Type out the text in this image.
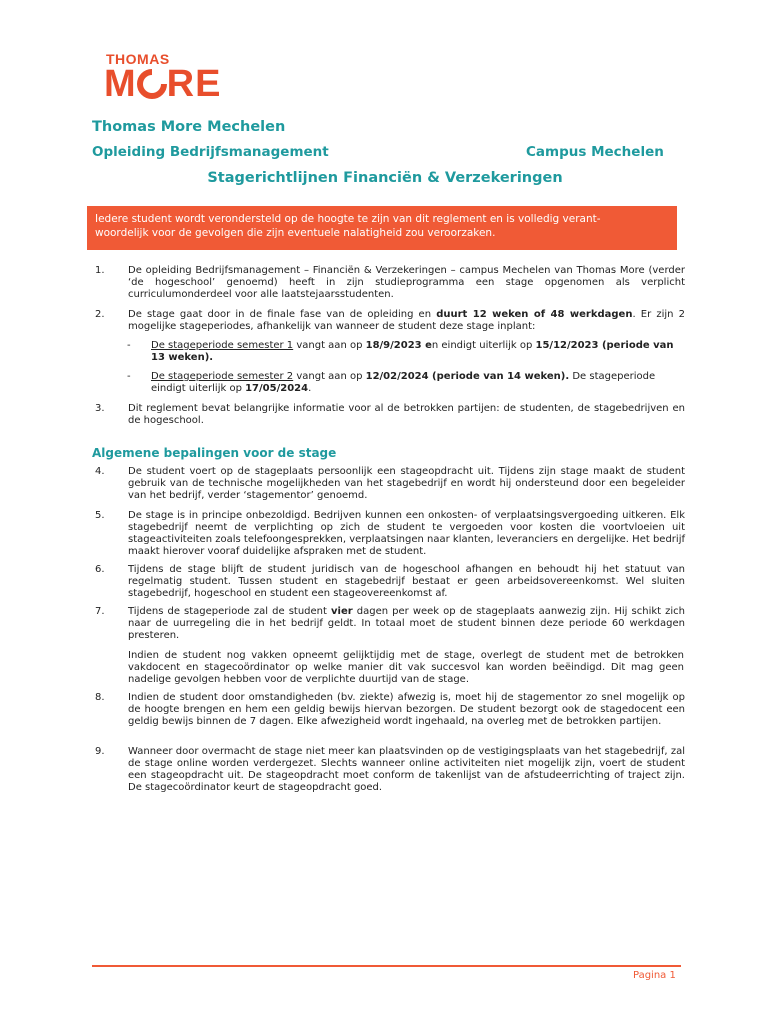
THOMAS
M RE
Thomas More Mechelen
Opleiding Bedrijfsmanagement	Campus Mechelen
Stagerichtlijnen Financiën & Verzekeringen
Iedere student wordt verondersteld op de hoogte te zijn van dit reglement en is volledig verant-
woordelijk voor de gevolgen die zijn eventuele nalatigheid zou veroorzaken.
1.	De opleiding Bedrijfsmanagement – Financiën & Verzekeringen – campus Mechelen van Thomas More (verder ‘de hogeschool’ genoemd) heeft in zijn studieprogramma een stage opgenomen als verplicht curriculumonderdeel voor alle laatstejaarsstudenten.
2.	De stage gaat door in de finale fase van de opleiding en duurt 12 weken of 48 werkdagen. Er zijn 2 mogelijke stageperiodes, afhankelijk van wanneer de student deze stage inplant:
- De stageperiode semester 1 vangt aan op 18/9/2023 en eindigt uiterlijk op 15/12/2023 (periode van 13 weken).
- De stageperiode semester 2 vangt aan op 12/02/2024 (periode van 14 weken). De stageperiode eindigt uiterlijk op 17/05/2024.
3.	Dit reglement bevat belangrijke informatie voor al de betrokken partijen: de studenten, de stagebedrijven en de hogeschool.
Algemene bepalingen voor de stage
4.	De student voert op de stageplaats persoonlijk een stageopdracht uit. Tijdens zijn stage maakt de student gebruik van de technische mogelijkheden van het stagebedrijf en wordt hij ondersteund door een begeleider van het bedrijf, verder ‘stagementor’ genoemd.
5.	De stage is in principe onbezoldigd. Bedrijven kunnen een onkosten- of verplaatsingsvergoeding uitkeren. Elk stagebedrijf neemt de verplichting op zich de student te vergoeden voor kosten die voortvloeien uit stageactiviteiten zoals telefoongesprekken, verplaatsingen naar klanten, leveranciers en dergelijke. Het bedrijf maakt hierover vooraf duidelijke afspraken met de student.
6.	Tijdens de stage blijft de student juridisch van de hogeschool afhangen en behoudt hij het statuut van regelmatig student. Tussen student en stagebedrijf bestaat er geen arbeidsovereenkomst. Wel sluiten stagebedrijf, hogeschool en student een stageovereenkomst af.
7.	Tijdens de stageperiode zal de student vier dagen per week op de stageplaats aanwezig zijn. Hij schikt zich naar de uurregeling die in het bedrijf geldt. In totaal moet de student binnen deze periode 60 werkdagen presteren.
Indien de student nog vakken opneemt gelijktijdig met de stage, overlegt de student met de betrokken vakdocent en stagecoördinator op welke manier dit vak succesvol kan worden beëindigd. Dit mag geen nadelige gevolgen hebben voor de verplichte duurtijd van de stage.
8.	Indien de student door omstandigheden (bv. ziekte) afwezig is, moet hij de stagementor zo snel mogelijk op de hoogte brengen en hem een geldig bewijs hiervan bezorgen. De student bezorgt ook de stagedocent een geldig bewijs binnen de 7 dagen. Elke afwezigheid wordt ingehaald, na overleg met de betrokken partijen.
9.	Wanneer door overmacht de stage niet meer kan plaatsvinden op de vestigingsplaats van het stagebedrijf, zal de stage online worden verdergezet. Slechts wanneer online activiteiten niet mogelijk zijn, voert de student een stageopdracht uit. De stageopdracht moet conform de takenlijst van de afstudeerrichting of traject zijn. De stagecoördinator keurt de stageopdracht goed.
Pagina 1
